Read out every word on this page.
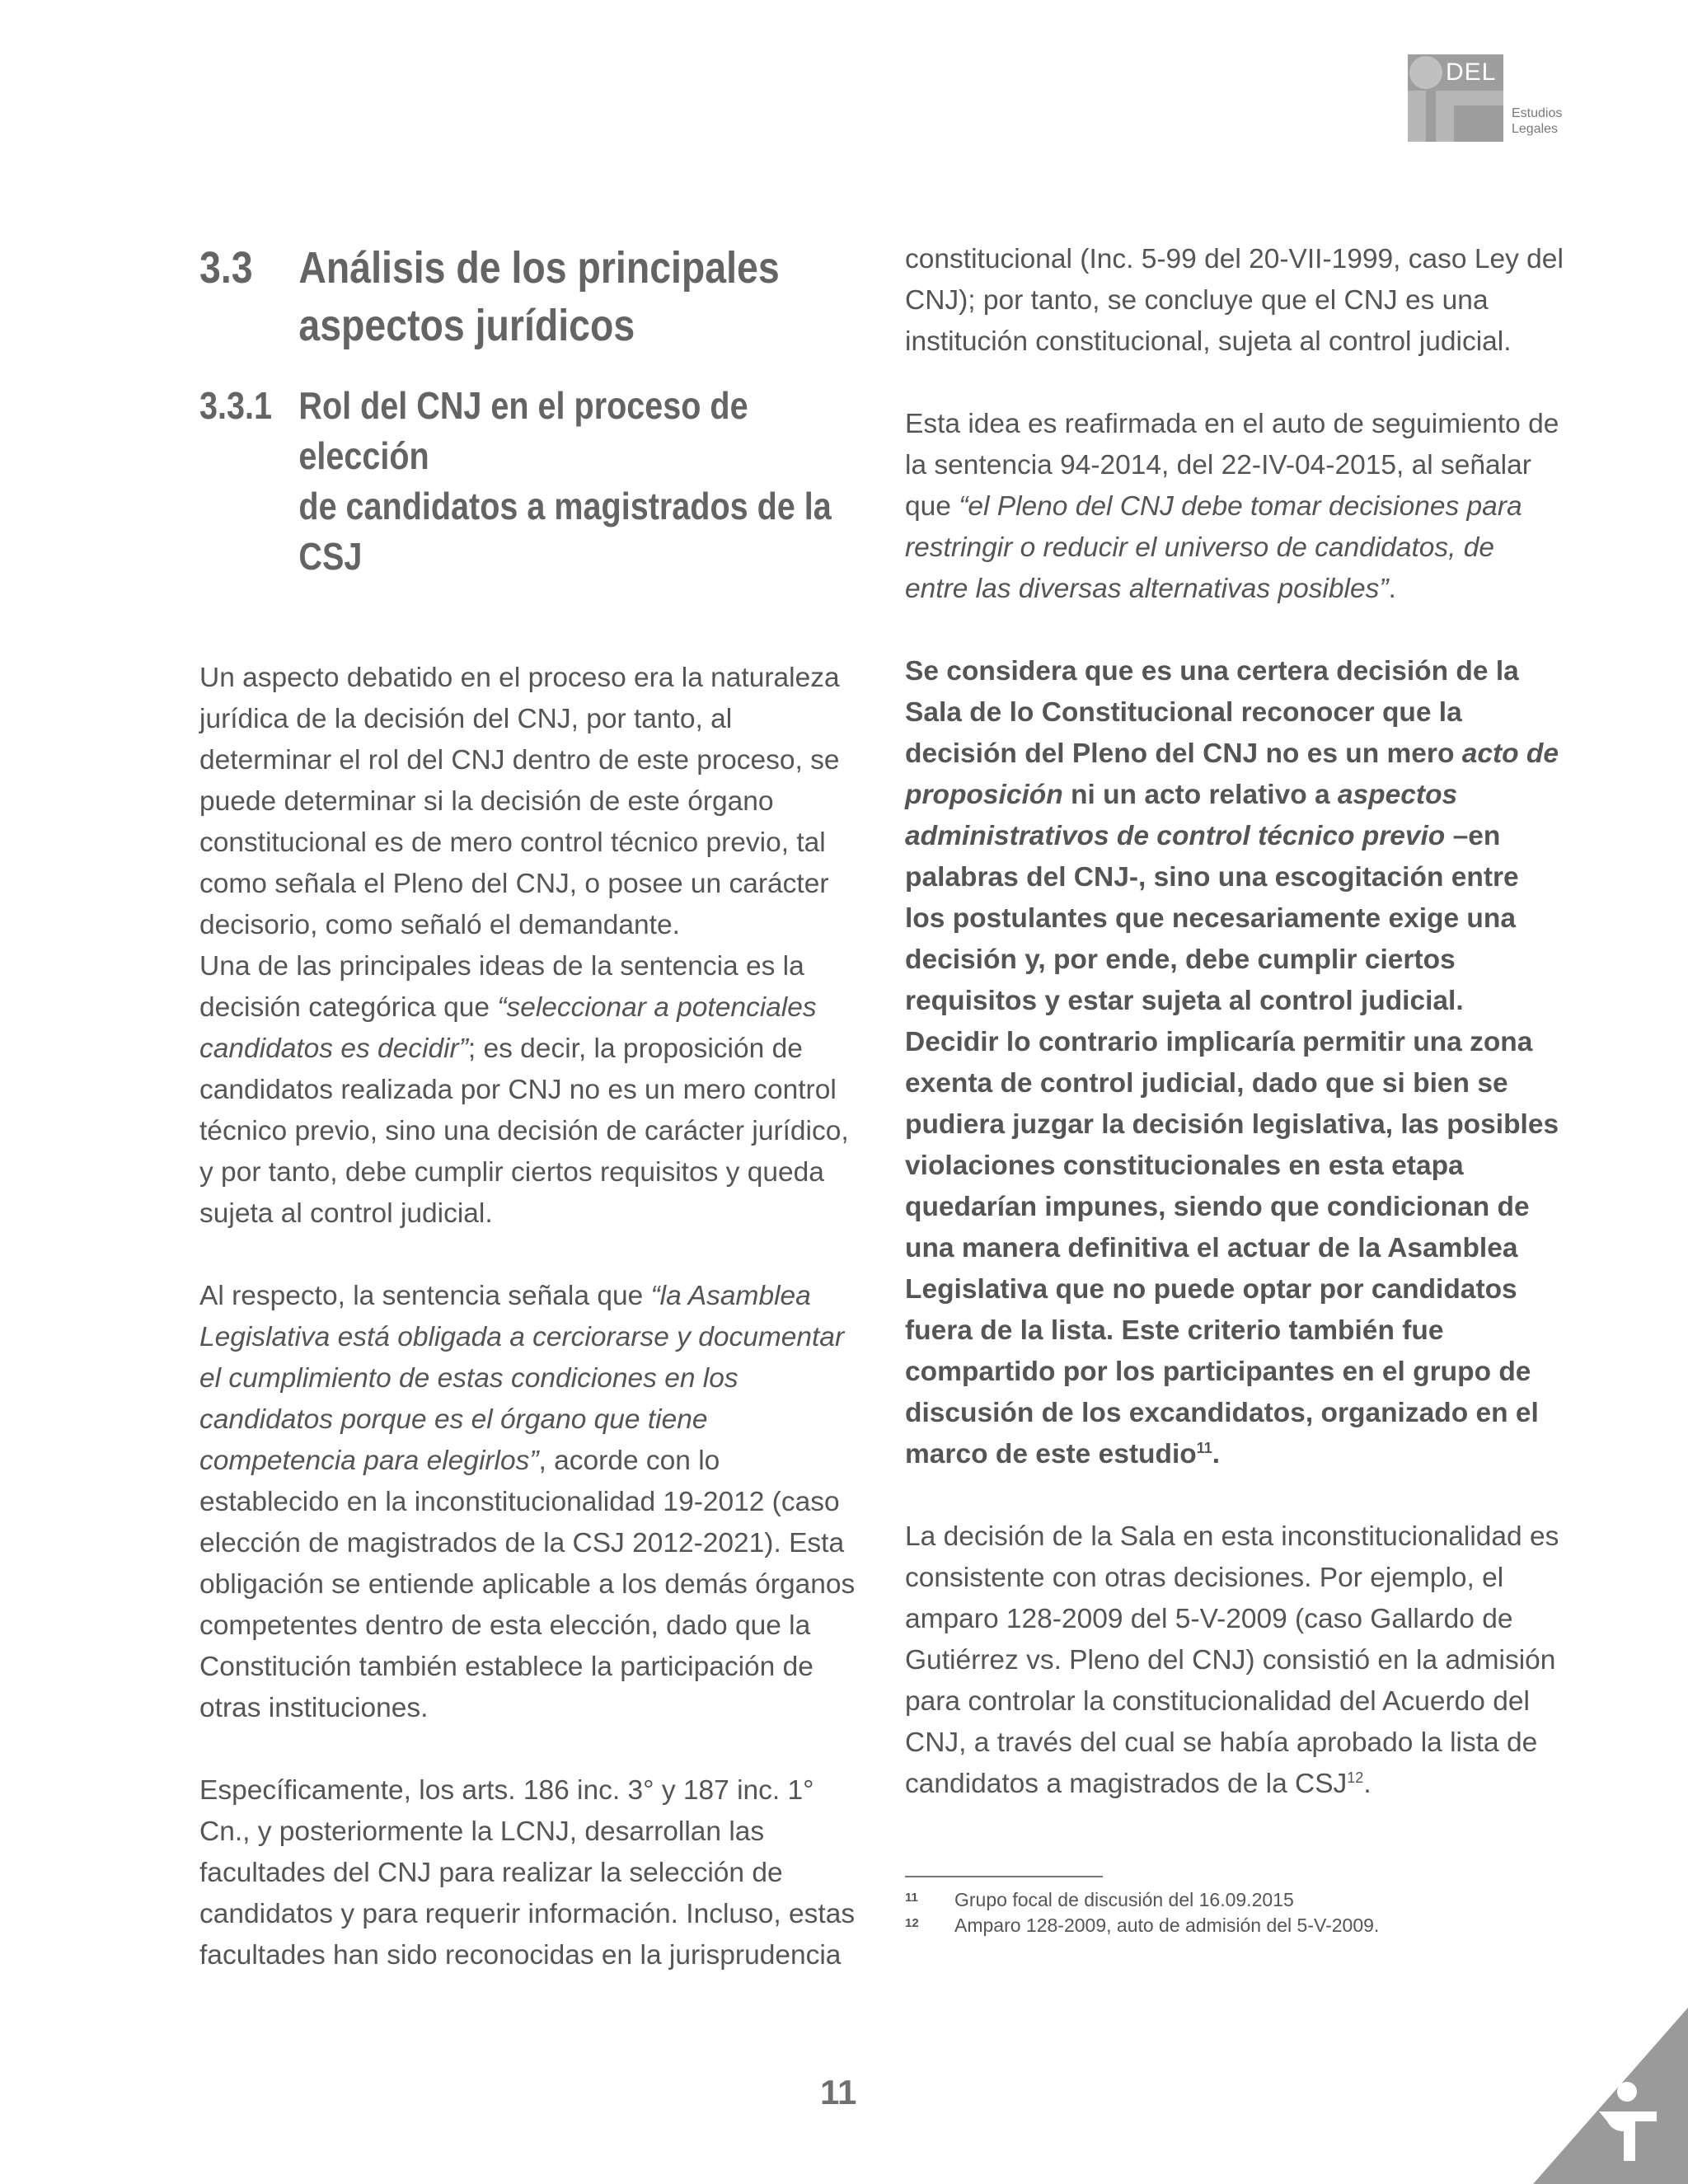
DEL
Estudios
Legales
3.3	Análisis de los principales
aspectos jurídicos
3.3.1 Rol del CNJ en el proceso de elección
de candidatos a magistrados de la
CSJ

Un aspecto debatido en el proceso era la naturaleza jurídica de la decisión del CNJ, por tanto, al determinar el rol del CNJ dentro de este proceso, se puede determinar si la decisión de este órgano constitucional es de mero control técnico previo, tal como señala el Pleno del CNJ, o posee un carácter decisorio, como señaló el demandante.

Una de las principales ideas de la sentencia es la decisión categórica que “seleccionar a potenciales candidatos es decidir”; es decir, la proposición de candidatos realizada por CNJ no es un mero control técnico previo, sino una decisión de carácter jurídico, y por tanto, debe cumplir ciertos requisitos y queda sujeta al control judicial.

Al respecto, la sentencia señala que “la Asamblea Legislativa está obligada a cerciorarse y documentar el cumplimiento de estas condiciones en los candidatos porque es el órgano que tiene competencia para elegirlos”, acorde con lo establecido en la inconstitucionalidad 19-2012 (caso elección de magistrados de la CSJ 2012-2021). Esta obligación se entiende aplicable a los demás órganos competentes dentro de esta elección, dado que la Constitución también establece la participación de otras instituciones.

Específicamente, los arts. 186 inc. 3° y 187 inc. 1° Cn., y posteriormente la LCNJ, desarrollan las facultades del CNJ para realizar la selección de candidatos y para requerir información. Incluso, estas facultades han sido reconocidas en la jurisprudencia

constitucional (Inc. 5-99 del 20-VII-1999, caso Ley del CNJ); por tanto, se concluye que el CNJ es una institución constitucional, sujeta al control judicial.

Esta idea es reafirmada en el auto de seguimiento de la sentencia 94-2014, del 22-IV-04-2015, al señalar que “el Pleno del CNJ debe tomar decisiones para restringir o reducir el universo de candidatos, de entre las diversas alternativas posibles”.

Se considera que es una certera decisión de la Sala de lo Constitucional reconocer que la decisión del Pleno del CNJ no es un mero acto de proposición ni un acto relativo a aspectos administrativos de control técnico previo –en palabras del CNJ-, sino una escogitación entre los postulantes que necesariamente exige una decisión y, por ende, debe cumplir ciertos requisitos y estar sujeta al control judicial. Decidir lo contrario implicaría permitir una zona exenta de control judicial, dado que si bien se pudiera juzgar la decisión legislativa, las posibles violaciones constitucionales en esta etapa quedarían impunes, siendo que condicionan de una manera definitiva el actuar de la Asamblea Legislativa que no puede optar por candidatos fuera de la lista. Este criterio también fue compartido por los participantes en el grupo de discusión de los excandidatos, organizado en el marco de este estudio$^{11}$.

La decisión de la Sala en esta inconstitucionalidad es consistente con otras decisiones. Por ejemplo, el amparo 128-2009 del 5-V-2009 (caso Gallardo de Gutiérrez vs. Pleno del CNJ) consistió en la admisión para controlar la constitucionalidad del Acuerdo del CNJ, a través del cual se había aprobado la lista de candidatos a magistrados de la CSJ$^{12}$.

11 Grupo focal de discusión del 16.09.2015
12 Amparo 128-2009, auto de admisión del 5-V-2009.
11
